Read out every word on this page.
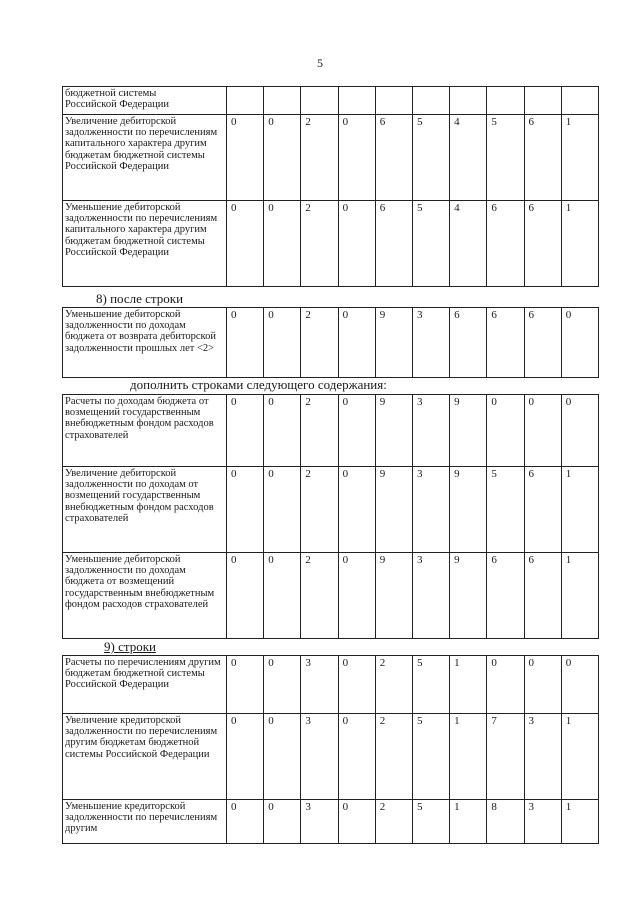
5
бюджетной системы
Российской Федерации										
Увеличение дебиторской задолженности по перечислениям капитального характера другим бюджетам бюджетной системы Российской Федерации	0	0	2	0	6	5	4	5	6	1
Уменьшение дебиторской задолженности по перечислениям капитального характера другим бюджетам бюджетной системы Российской Федерации	0	0	2	0	6	5	4	6	6	1
8) после строки
Уменьшение дебиторской задолженности по доходам бюджета от возврата дебиторской задолженности прошлых лет <2>	0	0	2	0	9	3	6	6	6	0
дополнить строками следующего содержания:
Расчеты по доходам бюджета от возмещений государственным внебюджетным фондом расходов страхователей	0	0	2	0	9	3	9	0	0	0
Увеличение дебиторской задолженности по доходам от возмещений государственным внебюджетным фондом расходов страхователей	0	0	2	0	9	3	9	5	6	1
Уменьшение дебиторской задолженности по доходам бюджета от возмещений государственным внебюджетным фондом расходов страхователей	0	0	2	0	9	3	9	6	6	1
9) строки
Расчеты по перечислениям другим бюджетам бюджетной системы Российской Федерации	0	0	3	0	2	5	1	0	0	0
Увеличение кредиторской задолженности по перечислениям другим бюджетам бюджетной системы Российской Федерации	0	0	3	0	2	5	1	7	3	1
Уменьшение кредиторской задолженности по перечислениям другим	0	0	3	0	2	5	1	8	3	1
